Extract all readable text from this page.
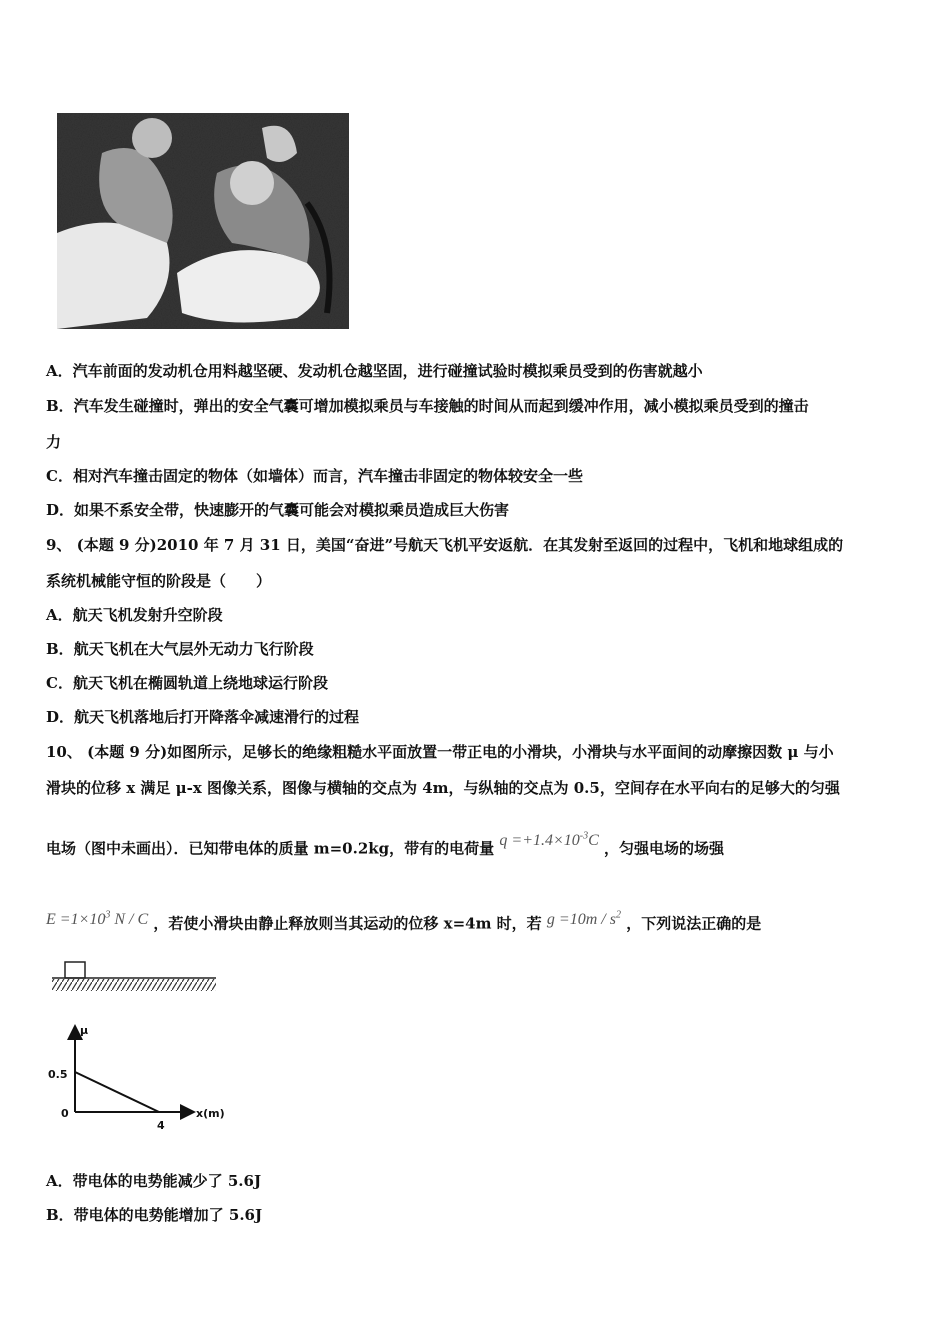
A．汽车前面的发动机仓用料越坚硬、发动机仓越坚固，进行碰撞试验时模拟乘员受到的伤害就越小
B．汽车发生碰撞时，弹出的安全气囊可增加模拟乘员与车接触的时间从而起到缓冲作用，减小模拟乘员受到的撞击
力
C．相对汽车撞击固定的物体（如墙体）而言，汽车撞击非固定的物体较安全一些
D．如果不系安全带，快速膨开的气囊可能会对模拟乘员造成巨大伤害
9、 (本题 9 分)2010 年 7 月 31 日，美国“奋进”号航天飞机平安返航．在其发射至返回的过程中，飞机和地球组成的
系统机械能守恒的阶段是（　　）
A．航天飞机发射升空阶段
B．航天飞机在大气层外无动力飞行阶段
C．航天飞机在椭圆轨道上绕地球运行阶段
D．航天飞机落地后打开降落伞减速滑行的过程
10、 (本题 9 分)如图所示，足够长的绝缘粗糙水平面放置一带正电的小滑块，小滑块与水平面间的动摩擦因数 μ 与小
滑块的位移 x 满足 μ-x 图像关系，图像与横轴的交点为 4m，与纵轴的交点为 0.5，空间存在水平向右的足够大的匀强
电场（图中未画出）．已知带电体的质量 m=0.2kg，带有的电荷量 $q =+1.4\times 10^{-3}C$ ，匀强电场的场强
$E =1\times 10^3$ N / C ，若使小滑块由静止释放则当其运动的位移 x=4m 时，若 $g =10m / s^2$ ，下列说法正确的是
μ
x(m)
0.5
0
4
A．带电体的电势能减少了 5.6J
B．带电体的电势能增加了 5.6J
